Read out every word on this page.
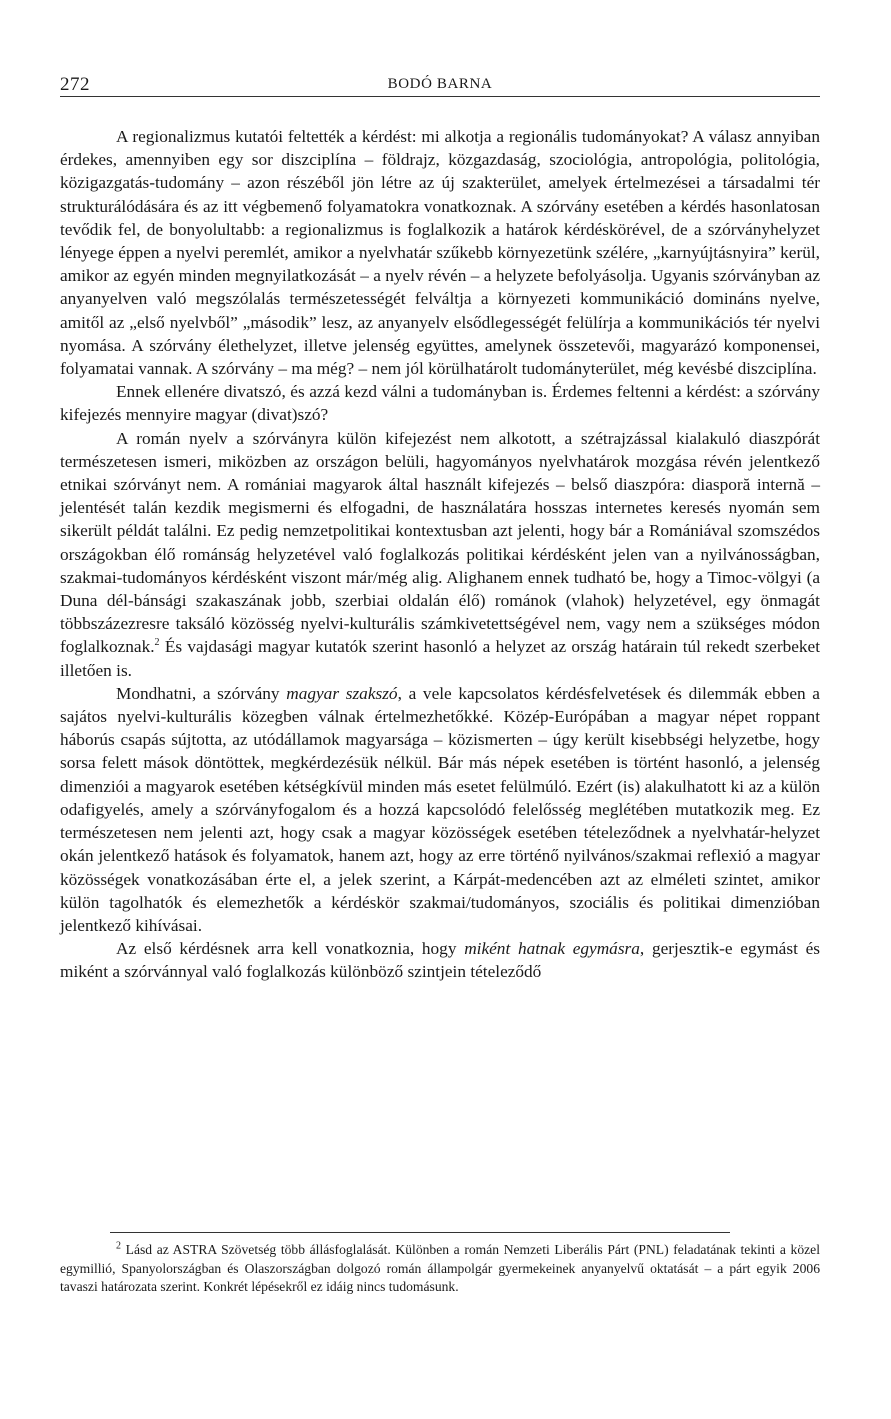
272	BODÓ BARNA

A regionalizmus kutatói feltették a kérdést: mi alkotja a regionális tudományokat? A válasz annyiban érdekes, amennyiben egy sor diszciplína – földrajz, közgazdaság, szociológia, antropológia, politológia, közigazgatás-tudomány – azon részéből jön létre az új szakterület, amelyek értelmezései a társadalmi tér strukturálódására és az itt végbemenő folyamatokra vonatkoznak. A szórvány esetében a kérdés hasonlatosan tevődik fel, de bonyolultabb: a regionalizmus is foglalkozik a határok kérdéskörével, de a szórványhelyzet lényege éppen a nyelvi peremlét, amikor a nyelvhatár szűkebb környezetünk szélére, „karnyújtásnyira” kerül, amikor az egyén minden megnyilatkozását – a nyelv révén – a helyzete befolyásolja. Ugyanis szórványban az anyanyelven való megszólalás természetességét felváltja a környezeti kommunikáció domináns nyelve, amitől az „első nyelvből” „második” lesz, az anyanyelv elsődlegességét felülírja a kommunikációs tér nyelvi nyomása. A szórvány élethelyzet, illetve jelenség együttes, amelynek összetevői, magyarázó komponensei, folyamatai vannak. A szórvány – ma még? – nem jól körülhatárolt tudományterület, még kevésbé diszciplína.

Ennek ellenére divatszó, és azzá kezd válni a tudományban is. Érdemes feltenni a kérdést: a szórvány kifejezés mennyire magyar (divat)szó?

A román nyelv a szórványra külön kifejezést nem alkotott, a szétrajzással kialakuló diaszpórát természetesen ismeri, miközben az országon belüli, hagyományos nyelvhatárok mozgása révén jelentkező etnikai szórványt nem. A romániai magyarok által használt kifejezés – belső diaszpóra: diasporă internă – jelentését talán kezdik megismerni és elfogadni, de használatára hosszas internetes keresés nyomán sem sikerült példát találni. Ez pedig nemzetpolitikai kontextusban azt jelenti, hogy bár a Romániával szomszédos országokban élő románság helyzetével való foglalkozás politikai kérdésként jelen van a nyilvánosságban, szakmai-tudományos kérdésként viszont már/még alig. Alighanem ennek tudható be, hogy a Timoc-völgyi (a Duna dél-bánsági szakaszának jobb, szerbiai oldalán élő) románok (vlahok) helyzetével, egy önmagát többszázezresre taksáló közösség nyelvi-kulturális számkivetettségével nem, vagy nem a szükséges módon foglalkoznak.$^2$ És vajdasági magyar kutatók szerint hasonló a helyzet az ország határain túl rekedt szerbeket illetően is.

Mondhatni, a szórvány magyar szakszó, a vele kapcsolatos kérdésfelvetések és dilemmák ebben a sajátos nyelvi-kulturális közegben válnak értelmezhetőkké. Közép-Európában a magyar népet roppant háborús csapás sújtotta, az utódállamok magyarsága – közismerten – úgy került kisebbségi helyzetbe, hogy sorsa felett mások döntöttek, megkérdezésük nélkül. Bár más népek esetében is történt hasonló, a jelenség dimenziói a magyarok esetében kétségkívül minden más esetet felülmúló. Ezért (is) alakulhatott ki az a külön odafigyelés, amely a szórványfogalom és a hozzá kapcsolódó felelősség meglétében mutatkozik meg. Ez természetesen nem jelenti azt, hogy csak a magyar közösségek esetében tételeződnek a nyelvhatár-helyzet okán jelentkező hatások és folyamatok, hanem azt, hogy az erre történő nyilvános/szakmai reflexió a magyar közösségek vonatkozásában érte el, a jelek szerint, a Kárpát-medencében azt az elméleti szintet, amikor külön tagolhatók és elemezhetők a kérdéskör szakmai/tudományos, szociális és politikai dimenzióban jelentkező kihívásai.

Az első kérdésnek arra kell vonatkoznia, hogy miként hatnak egymásra, gerjesztik-e egymást és miként a szórvánnyal való foglalkozás különböző szintjein tételeződő

$^2$ Lásd az ASTRA Szövetség több állásfoglalását. Különben a román Nemzeti Liberális Párt (PNL) feladatának tekinti a közel egymillió, Spanyolországban és Olaszországban dolgozó román állampolgár gyermekeinek anyanyelvű oktatását – a párt egyik 2006 tavaszi határozata szerint. Konkrét lépésekről ez idáig nincs tudomásunk.
